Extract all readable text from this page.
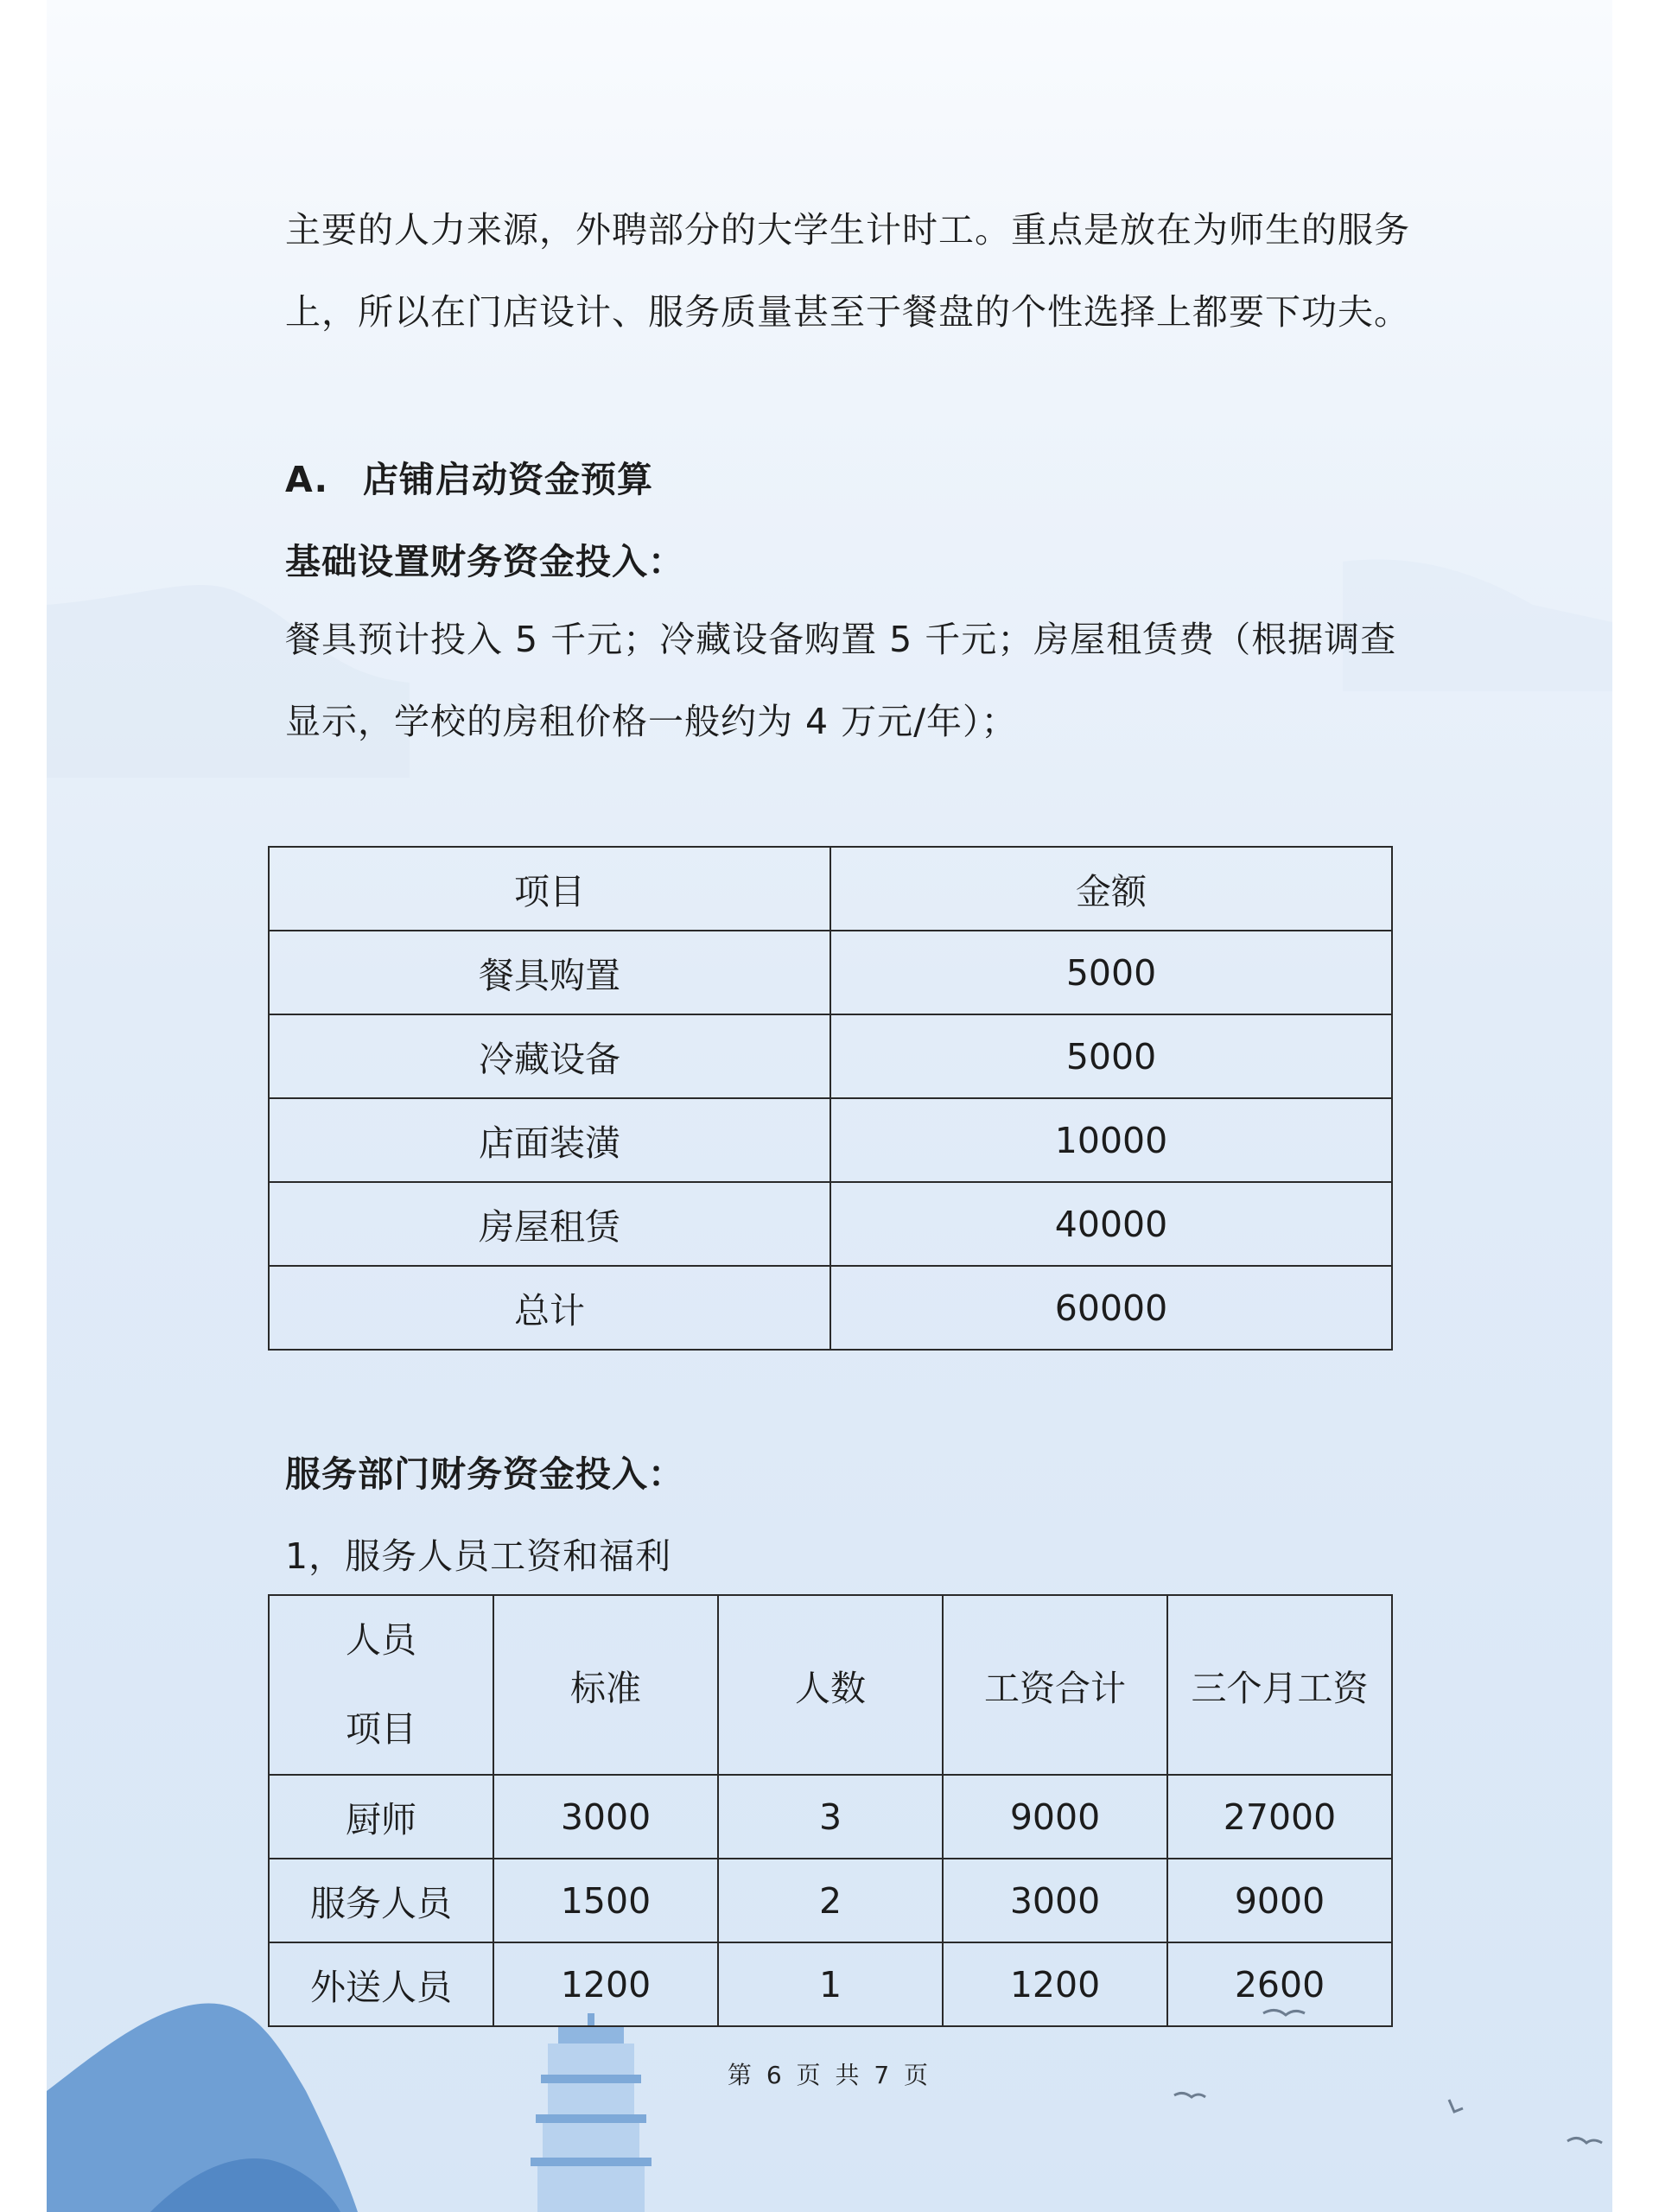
主要的人力来源，外聘部分的大学生计时工。重点是放在为师生的服务上，所以在门店设计、服务质量甚至于餐盘的个性选择上都要下功夫。

A. 店铺启动资金预算
基础设置财务资金投入：

餐具预计投入 5 千元；冷藏设备购置 5 千元；房屋租赁费（根据调查显示，学校的房租价格一般约为 4 万元/年）；

项目	金额
餐具购置	5000
冷藏设备	5000
店面装潢	10000
房屋租赁	40000
总计	60000
服务部门财务资金投入：
1，服务人员工资和福利
人员
项目	标准	人数	工资合计	三个月工资
厨师	3000	3	9000	27000
服务人员	1500	2	3000	9000
外送人员	1200	1	1200	2600
第 6 页 共 7 页
